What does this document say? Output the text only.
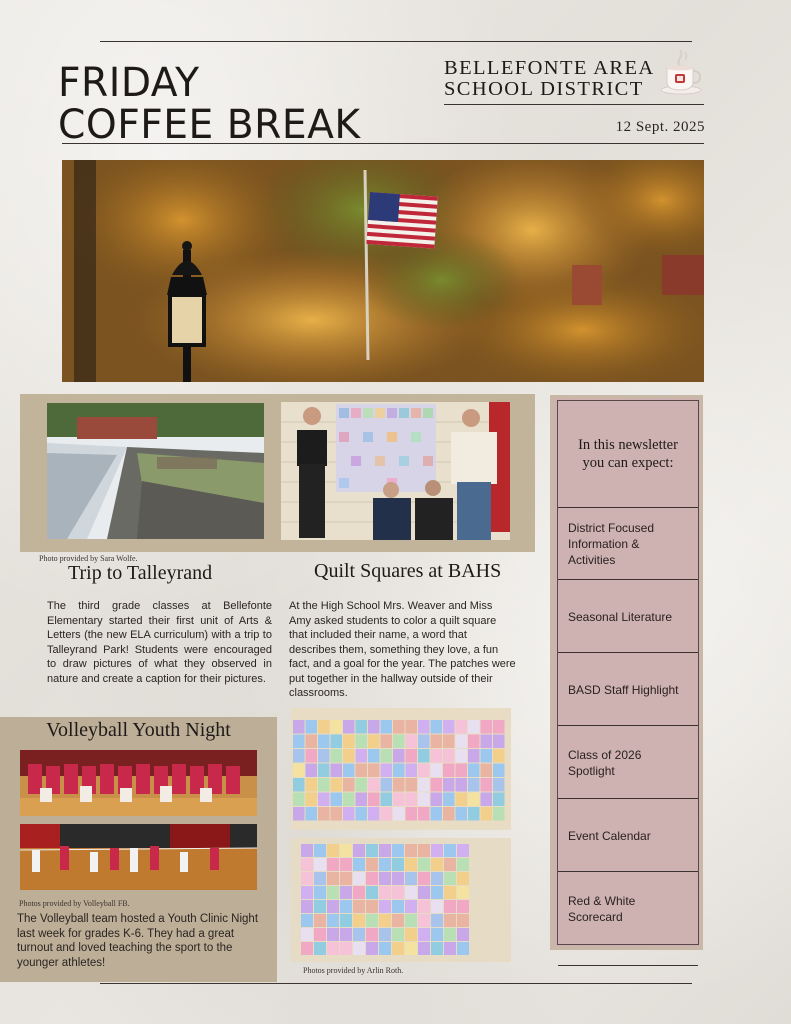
FRIDAY
COFFEE BREAK
BELLEFONTE AREA
SCHOOL DISTRICT
12 Sept. 2025
Photo provided by Sara Wolfe.
Trip to Talleyrand	Quilt Squares at BAHS
The third grade classes at Bellefonte Elementary started their first unit of Arts & Letters (the new ELA curriculum) with a trip to Talleyrand Park! Students were encouraged to draw pictures of what they observed in nature and create a caption for their pictures.
At the High School Mrs. Weaver and Miss Amy asked students to color a quilt square that included their name, a word that describes them, something they love, a fun fact, and a goal for the year. The patches were put together in the hallway outside of their classrooms.
Photos provided by Arlin Roth.
Volleyball Youth Night
Photos provided by Volleyball FB.
The Volleyball team hosted a Youth Clinic Night last week for grades K-6. They had a great turnout and loved teaching the sport to the younger athletes!
In this newsletter you can expect:
District Focused Information & Activities
Seasonal Literature
BASD Staff Highlight
Class of 2026 Spotlight
Event Calendar
Red & White Scorecard
